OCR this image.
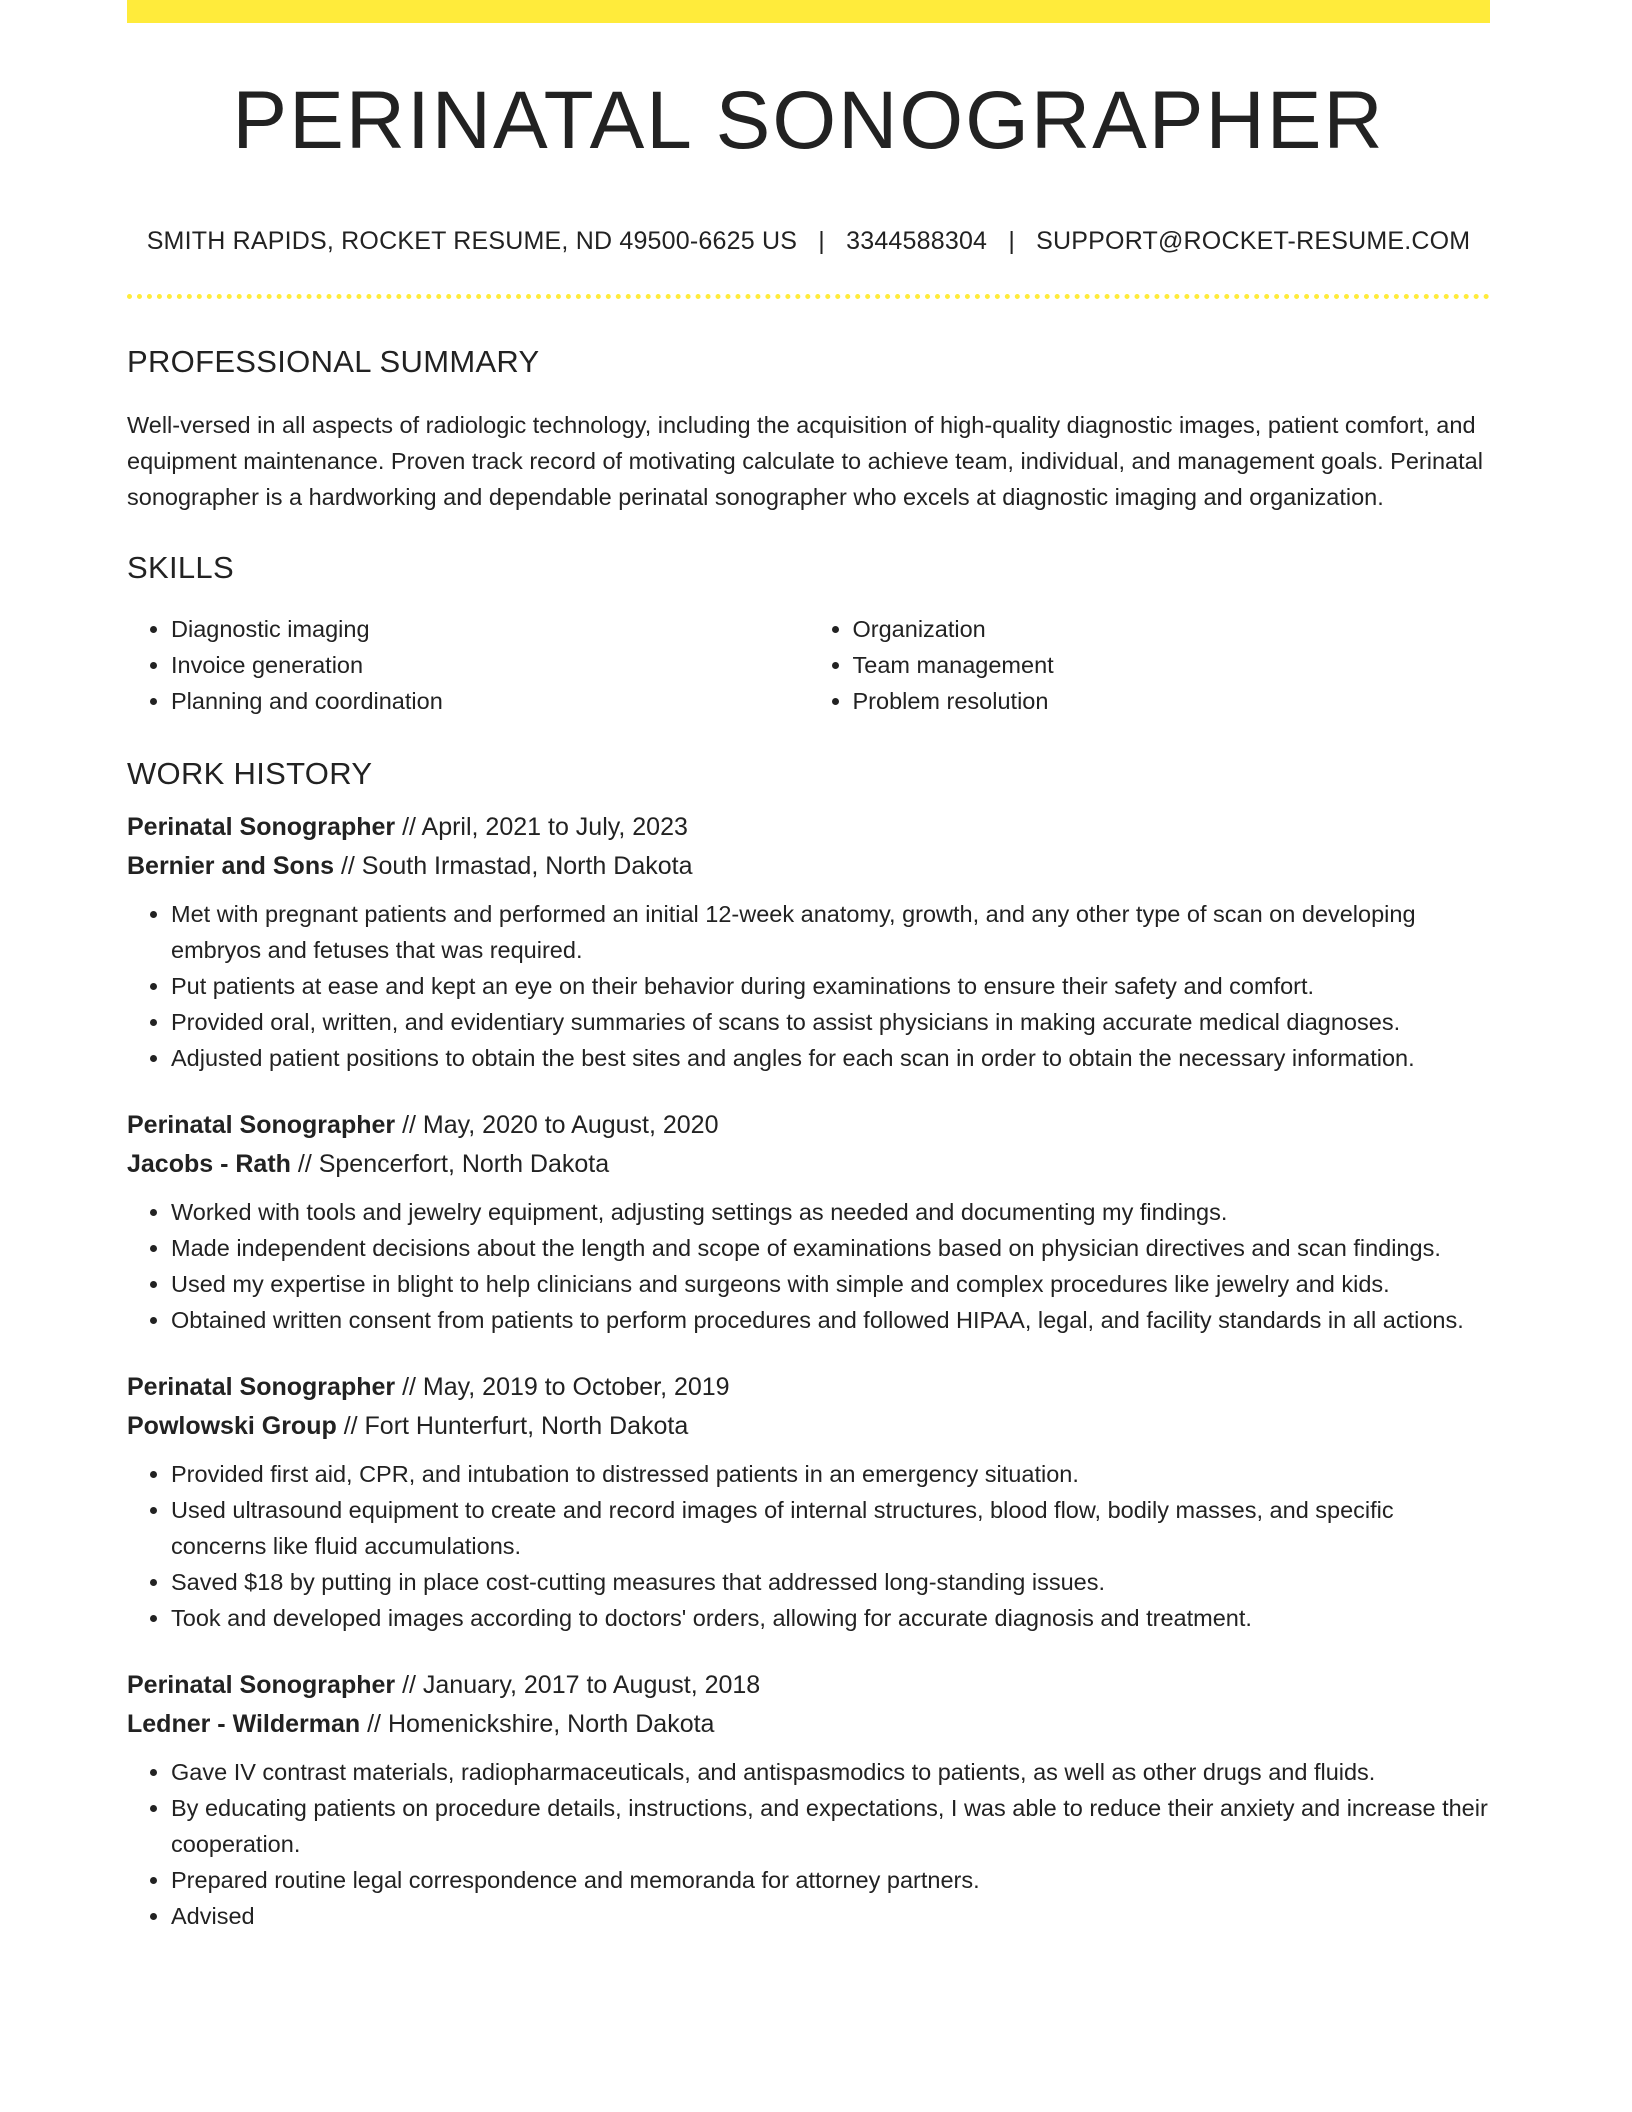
PERINATAL SONOGRAPHER
SMITH RAPIDS, ROCKET RESUME, ND 49500-6625 US | 3344588304 | SUPPORT@ROCKET-RESUME.COM
PROFESSIONAL SUMMARY

Well-versed in all aspects of radiologic technology, including the acquisition of high-quality diagnostic images, patient comfort, and equipment maintenance. Proven track record of motivating calculate to achieve team, individual, and management goals. Perinatal sonographer is a hardworking and dependable perinatal sonographer who excels at diagnostic imaging and organization.

SKILLS
• Diagnostic imaging
• Invoice generation
• Planning and coordination
• Organization
• Team management
• Problem resolution
WORK HISTORY
Perinatal Sonographer // April, 2021 to July, 2023
Bernier and Sons // South Irmastad, North Dakota
• Met with pregnant patients and performed an initial 12-week anatomy, growth, and any other type of scan on developing embryos and fetuses that was required.
• Put patients at ease and kept an eye on their behavior during examinations to ensure their safety and comfort.
• Provided oral, written, and evidentiary summaries of scans to assist physicians in making accurate medical diagnoses.
• Adjusted patient positions to obtain the best sites and angles for each scan in order to obtain the necessary information.
Perinatal Sonographer // May, 2020 to August, 2020
Jacobs - Rath // Spencerfort, North Dakota
• Worked with tools and jewelry equipment, adjusting settings as needed and documenting my findings.
• Made independent decisions about the length and scope of examinations based on physician directives and scan findings.
• Used my expertise in blight to help clinicians and surgeons with simple and complex procedures like jewelry and kids.
• Obtained written consent from patients to perform procedures and followed HIPAA, legal, and facility standards in all actions.
Perinatal Sonographer // May, 2019 to October, 2019
Powlowski Group // Fort Hunterfurt, North Dakota
• Provided first aid, CPR, and intubation to distressed patients in an emergency situation.
• Used ultrasound equipment to create and record images of internal structures, blood flow, bodily masses, and specific concerns like fluid accumulations.
• Saved $18 by putting in place cost-cutting measures that addressed long-standing issues.
• Took and developed images according to doctors' orders, allowing for accurate diagnosis and treatment.
Perinatal Sonographer // January, 2017 to August, 2018
Ledner - Wilderman // Homenickshire, North Dakota
• Gave IV contrast materials, radiopharmaceuticals, and antispasmodics to patients, as well as other drugs and fluids.
• By educating patients on procedure details, instructions, and expectations, I was able to reduce their anxiety and increase their cooperation.
• Prepared routine legal correspondence and memoranda for attorney partners.
• Advised
